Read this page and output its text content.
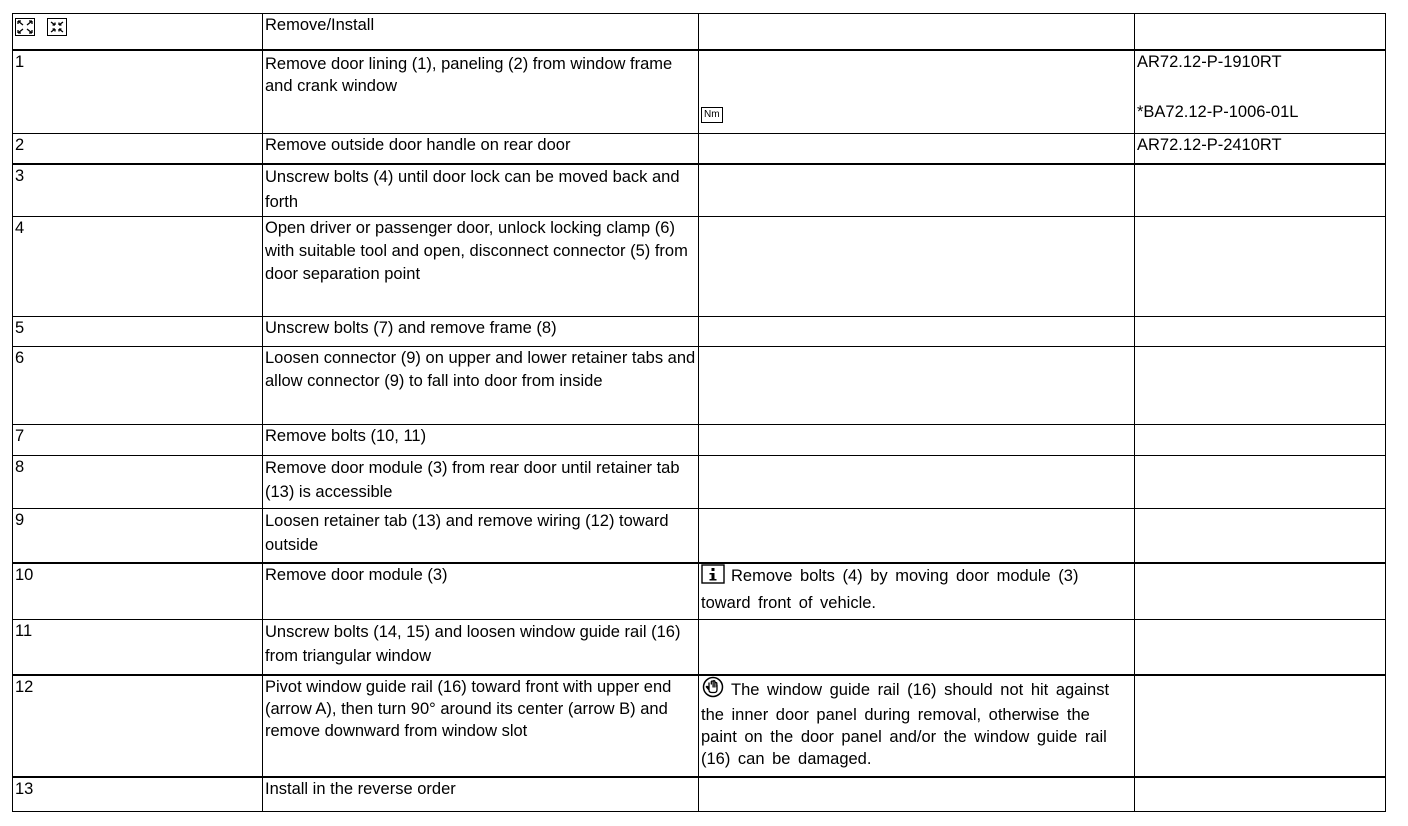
	Remove/Install		
1	Remove door lining (1), paneling (2) from window frame and crank window	Nm	AR72.12-P-1910RT
*BA72.12-P-1006-01L

2	Remove outside door handle on rear door		AR72.12-P-2410RT

3	Unscrew bolts (4) until door lock can be moved back and forth		
4	Open driver or passenger door, unlock locking clamp (6) with suitable tool and open, disconnect connector (5) from door separation point		
5	Unscrew bolts (7) and remove frame (8)		
6	Loosen connector (9) on upper and lower retainer tabs and allow connector (9) to fall into door from inside		
7	Remove bolts (10, 11)		
8	Remove door module (3) from rear door until retainer tab (13) is accessible		
9	Loosen retainer tab (13) and remove wiring (12) toward outside		
10	Remove door module (3)	Remove bolts (4) by moving door module (3) toward front of vehicle.	
11	Unscrew bolts (14, 15) and loosen window guide rail (16) from triangular window		
12	Pivot window guide rail (16) toward front with upper end (arrow A), then turn 90° around its center (arrow B) and remove downward from window slot	The window guide rail (16) should not hit against the inner door panel during removal, otherwise the paint on the door panel and/or the window guide rail (16) can be damaged.	
13	Install in the reverse order		
